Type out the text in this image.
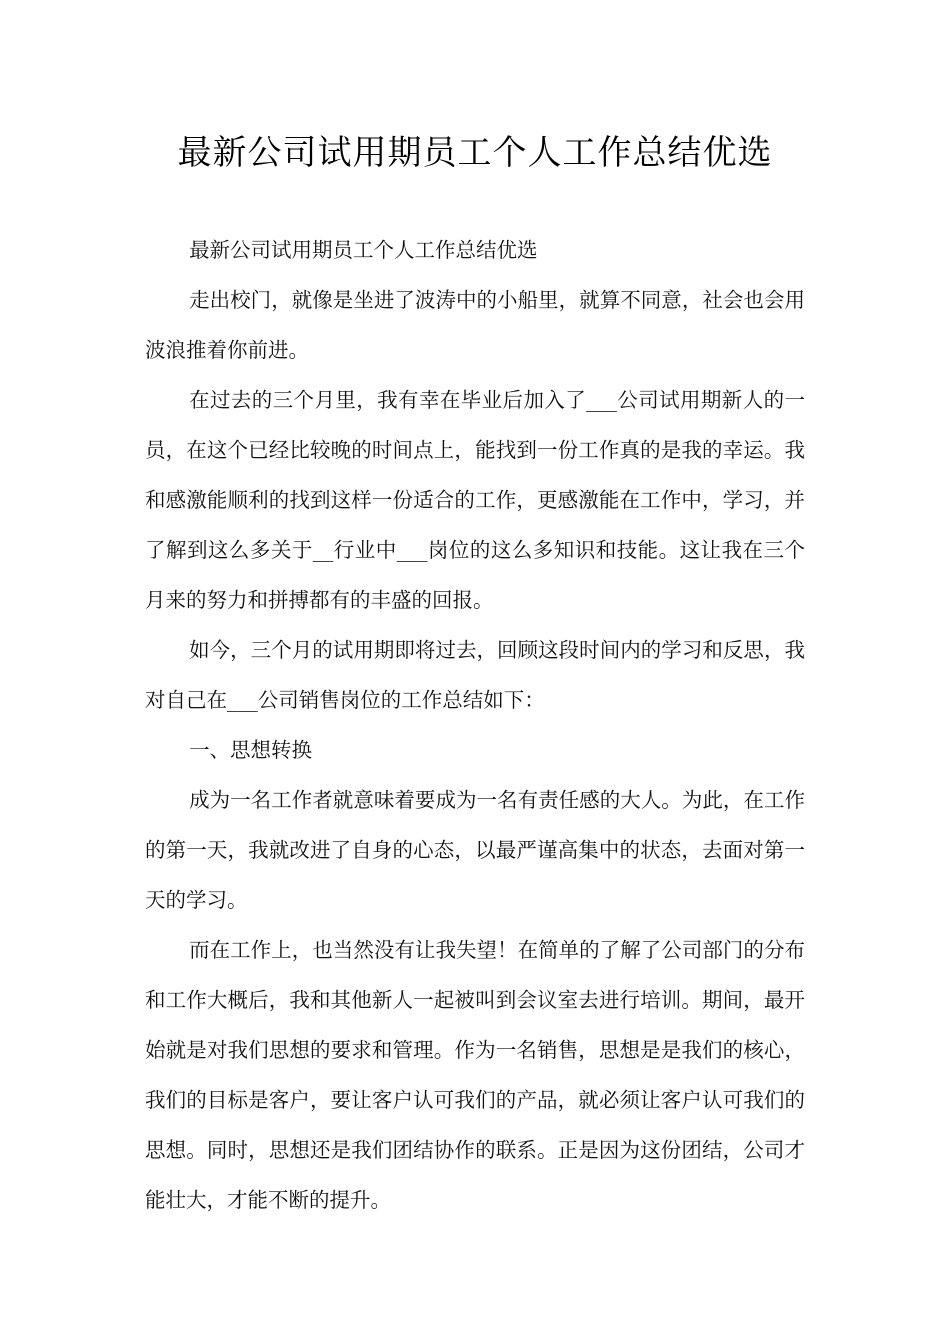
最新公司试用期员工个人工作总结优选

最新公司试用期员工个人工作总结优选

走出校门，就像是坐进了波涛中的小船里，就算不同意，社会也会用波浪推着你前进。

在过去的三个月里，我有幸在毕业后加入了___公司试用期新人的一员，在这个已经比较晚的时间点上，能找到一份工作真的是我的幸运。我和感激能顺利的找到这样一份适合的工作，更感激能在工作中，学习，并了解到这么多关于__行业中___岗位的这么多知识和技能。这让我在三个月来的努力和拼搏都有的丰盛的回报。

如今，三个月的试用期即将过去，回顾这段时间内的学习和反思，我对自己在___公司销售岗位的工作总结如下：

一、思想转换

成为一名工作者就意味着要成为一名有责任感的大人。为此，在工作的第一天，我就改进了自身的心态，以最严谨高集中的状态，去面对第一天的学习。

而在工作上，也当然没有让我失望！在简单的了解了公司部门的分布和工作大概后，我和其他新人一起被叫到会议室去进行培训。期间，最开始就是对我们思想的要求和管理。作为一名销售，思想是是我们的核心，我们的目标是客户，要让客户认可我们的产品，就必须让客户认可我们的思想。同时，思想还是我们团结协作的联系。正是因为这份团结，公司才能壮大，才能不断的提升。
